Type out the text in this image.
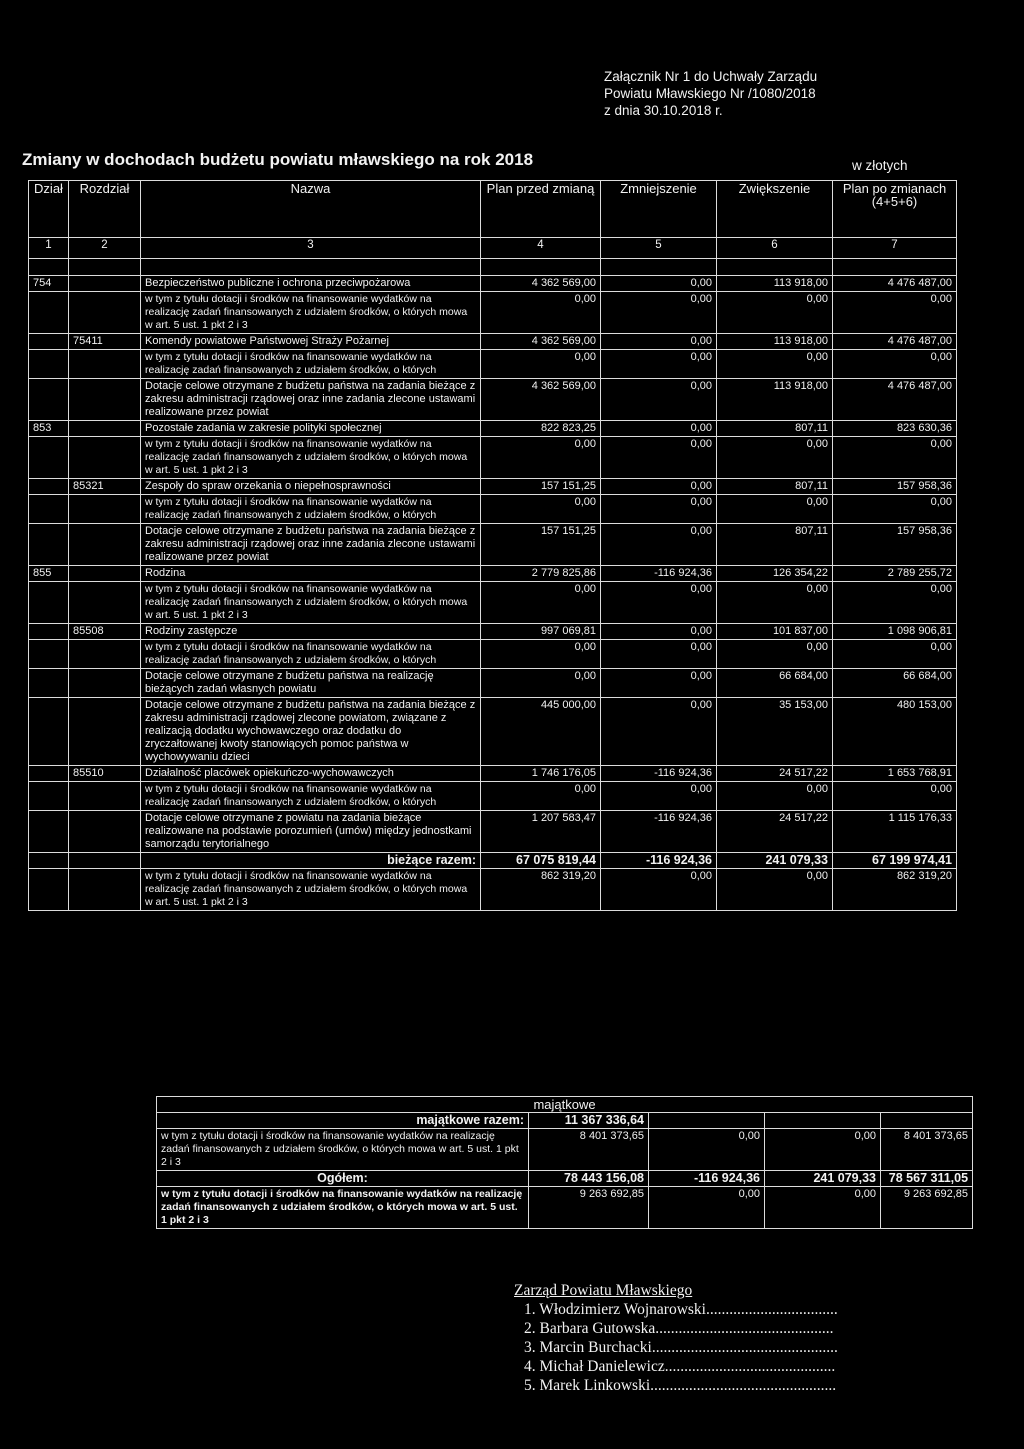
Załącznik Nr 1 do Uchwały Zarządu
Powiatu Mławskiego Nr /1080/2018
z dnia 30.10.2018 r.
Zmiany w dochodach budżetu powiatu mławskiego na rok 2018	w złotych
Dział	Rozdział	Nazwa	Plan przed zmianą	Zmniejszenie	Zwiększenie	Plan po zmianach (4+5+6)
1	2	3	4	5	6	7

754		Bezpieczeństwo publiczne i ochrona przeciwpożarowa	4 362 569,00	0,00	113 918,00	4 476 487,00
		w tym z tytułu dotacji i środków na finansowanie wydatków na realizację zadań finansowanych z udziałem środków, o których mowa w art. 5 ust. 1 pkt 2 i 3	0,00	0,00	0,00	0,00
	75411	Komendy powiatowe Państwowej Straży Pożarnej	4 362 569,00	0,00	113 918,00	4 476 487,00
		w tym z tytułu dotacji i środków na finansowanie wydatków na realizację zadań finansowanych z udziałem środków, o których	0,00	0,00	0,00	0,00
		Dotacje celowe otrzymane z budżetu państwa na zadania bieżące z zakresu administracji rządowej oraz inne zadania zlecone ustawami realizowane przez powiat	4 362 569,00	0,00	113 918,00	4 476 487,00
853		Pozostałe zadania w zakresie polityki społecznej	822 823,25	0,00	807,11	823 630,36
		w tym z tytułu dotacji i środków na finansowanie wydatków na realizację zadań finansowanych z udziałem środków, o których mowa w art. 5 ust. 1 pkt 2 i 3	0,00	0,00	0,00	0,00
	85321	Zespoły do spraw orzekania o niepełnosprawności	157 151,25	0,00	807,11	157 958,36
		w tym z tytułu dotacji i środków na finansowanie wydatków na realizację zadań finansowanych z udziałem środków, o których	0,00	0,00	0,00	0,00
		Dotacje celowe otrzymane z budżetu państwa na zadania bieżące z zakresu administracji rządowej oraz inne zadania zlecone ustawami realizowane przez powiat	157 151,25	0,00	807,11	157 958,36
855		Rodzina	2 779 825,86	-116 924,36	126 354,22	2 789 255,72
		w tym z tytułu dotacji i środków na finansowanie wydatków na realizację zadań finansowanych z udziałem środków, o których mowa w art. 5 ust. 1 pkt 2 i 3	0,00	0,00	0,00	0,00
	85508	Rodziny zastępcze	997 069,81	0,00	101 837,00	1 098 906,81
		w tym z tytułu dotacji i środków na finansowanie wydatków na realizację zadań finansowanych z udziałem środków, o których	0,00	0,00	0,00	0,00
		Dotacje celowe otrzymane z budżetu państwa na realizację bieżących zadań własnych powiatu	0,00	0,00	66 684,00	66 684,00
		Dotacje celowe otrzymane z budżetu państwa na zadania bieżące z zakresu administracji rządowej zlecone powiatom, związane z realizacją dodatku wychowawczego oraz dodatku do zryczałtowanej kwoty stanowiących pomoc państwa w wychowywaniu dzieci	445 000,00	0,00	35 153,00	480 153,00
	85510	Działalność placówek opiekuńczo-wychowawczych	1 746 176,05	-116 924,36	24 517,22	1 653 768,91
		w tym z tytułu dotacji i środków na finansowanie wydatków na realizację zadań finansowanych z udziałem środków, o których	0,00	0,00	0,00	0,00
		Dotacje celowe otrzymane z powiatu na zadania bieżące realizowane na podstawie porozumień (umów) między jednostkami samorządu terytorialnego	1 207 583,47	-116 924,36	24 517,22	1 115 176,33
		bieżące razem:	67 075 819,44	-116 924,36	241 079,33	67 199 974,41
		w tym z tytułu dotacji i środków na finansowanie wydatków na realizację zadań finansowanych z udziałem środków, o których mowa w art. 5 ust. 1 pkt 2 i 3	862 319,20	0,00	0,00	862 319,20
majątkowe				
majątkowe razem:	11 367 336,64			
w tym z tytułu dotacji i środków na finansowanie wydatków na realizację zadań finansowanych z udziałem środków, o których mowa w art. 5 ust. 1 pkt 2 i 3	8 401 373,65	0,00	0,00	8 401 373,65
Ogółem:	78 443 156,08	-116 924,36	241 079,33	78 567 311,05
w tym z tytułu dotacji i środków na finansowanie wydatków na realizację zadań finansowanych z udziałem środków, o których mowa w art. 5 ust. 1 pkt 2 i 3	9 263 692,85	0,00	0,00	9 263 692,85
Zarząd Powiatu Mławskiego
1. Włodzimierz Wojnarowski..................................
2. Barbara Gutowska..............................................
3. Marcin Burchacki................................................
4. Michał Danielewicz............................................
5. Marek Linkowski................................................
